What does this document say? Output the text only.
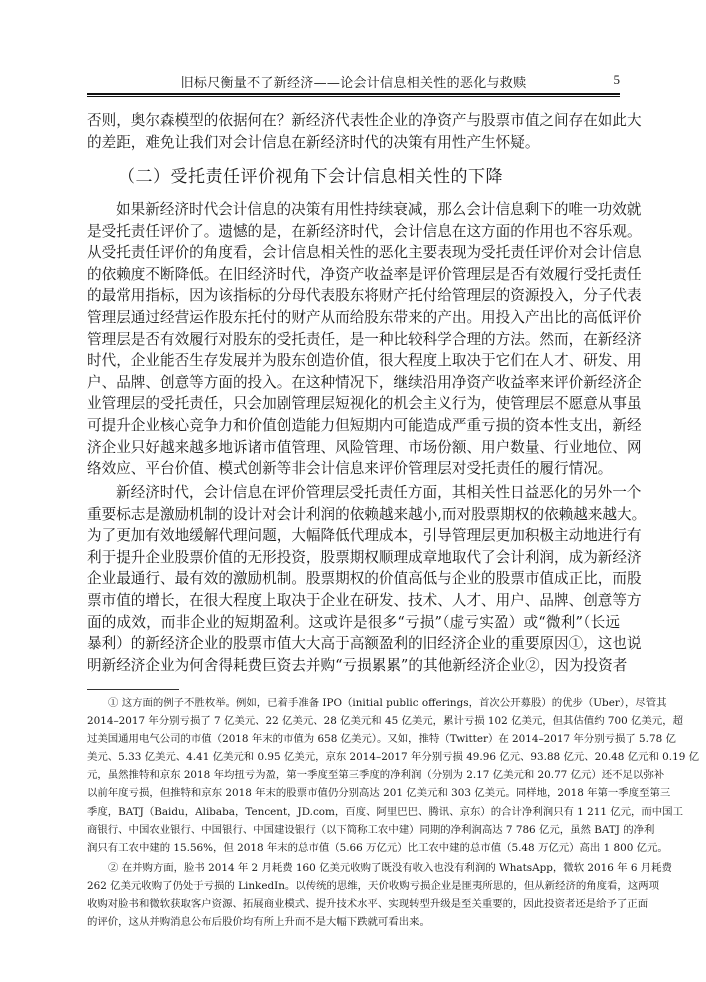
旧标尺衡量不了新经济——论会计信息相关性的恶化与救赎	5
否则，奥尔森模型的依据何在？新经济代表性企业的净资产与股票市值之间存在如此大
的差距，难免让我们对会计信息在新经济时代的决策有用性产生怀疑。
（二）受托责任评价视角下会计信息相关性的下降
如果新经济时代会计信息的决策有用性持续衰减，那么会计信息剩下的唯一功效就
是受托责任评价了。遗憾的是，在新经济时代，会计信息在这方面的作用也不容乐观。
从受托责任评价的角度看，会计信息相关性的恶化主要表现为受托责任评价对会计信息
的依赖度不断降低。在旧经济时代，净资产收益率是评价管理层是否有效履行受托责任
的最常用指标，因为该指标的分母代表股东将财产托付给管理层的资源投入，分子代表
管理层通过经营运作股东托付的财产从而给股东带来的产出。用投入产出比的高低评价
管理层是否有效履行对股东的受托责任，是一种比较科学合理的方法。然而，在新经济
时代，企业能否生存发展并为股东创造价值，很大程度上取决于它们在人才、研发、用
户、品牌、创意等方面的投入。在这种情况下，继续沿用净资产收益率来评价新经济企
业管理层的受托责任，只会加剧管理层短视化的机会主义行为，使管理层不愿意从事虽
可提升企业核心竞争力和价值创造能力但短期内可能造成严重亏损的资本性支出，新经
济企业只好越来越多地诉诸市值管理、风险管理、市场份额、用户数量、行业地位、网
络效应、平台价值、模式创新等非会计信息来评价管理层对受托责任的履行情况。
新经济时代，会计信息在评价管理层受托责任方面，其相关性日益恶化的另外一个
重要标志是激励机制的设计对会计利润的依赖越来越小,而对股票期权的依赖越来越大。
为了更加有效地缓解代理问题，大幅降低代理成本，引导管理层更加积极主动地进行有
利于提升企业股票价值的无形投资，股票期权顺理成章地取代了会计利润，成为新经济
企业最通行、最有效的激励机制。股票期权的价值高低与企业的股票市值成正比，而股
票市值的增长，在很大程度上取决于企业在研发、技术、人才、用户、品牌、创意等方
面的成效，而非企业的短期盈利。这或许是很多“亏损”（虚亏实盈）或“微利”（长远
暴利）的新经济企业的股票市值大大高于高额盈利的旧经济企业的重要原因①，这也说
明新经济企业为何舍得耗费巨资去并购“亏损累累”的其他新经济企业②，因为投资者
① 这方面的例子不胜枚举。例如，已着手准备 IPO（initial public offerings，首次公开募股）的优步（Uber），尽管其
2014–2017 年分别亏损了 7 亿美元、22 亿美元、28 亿美元和 45 亿美元，累计亏损 102 亿美元，但其估值约 700 亿美元，超
过美国通用电气公司的市值（2018 年末的市值为 658 亿美元）。又如，推特（Twitter）在 2014–2017 年分别亏损了 5.78 亿
美元、5.33 亿美元、4.41 亿美元和 0.95 亿美元，京东 2014–2017 年分别亏损 49.96 亿元、93.88 亿元、20.48 亿元和 0.19 亿
元，虽然推特和京东 2018 年均扭亏为盈，第一季度至第三季度的净利润（分别为 2.17 亿美元和 20.77 亿元）还不足以弥补
以前年度亏损，但推特和京东 2018 年末的股票市值仍分别高达 201 亿美元和 303 亿美元。同样地，2018 年第一季度至第三
季度，BATJ（Baidu，Alibaba，Tencent，JD.com，百度、阿里巴巴、腾讯、京东）的合计净利润只有 1 211 亿元，而中国工
商银行、中国农业银行、中国银行、中国建设银行（以下简称工农中建）同期的净利润高达 7 786 亿元，虽然 BATJ 的净利
润只有工农中建的 15.56%，但 2018 年末的总市值（5.66 万亿元）比工农中建的总市值（5.48 万亿元）高出 1 800 亿元。
② 在并购方面，脸书 2014 年 2 月耗费 160 亿美元收购了既没有收入也没有利润的 WhatsApp，微软 2016 年 6 月耗费
262 亿美元收购了仍处于亏损的 LinkedIn。以传统的思维，天价收购亏损企业是匪夷所思的，但从新经济的角度看，这两项
收购对脸书和微软获取客户资源、拓展商业模式、提升技术水平、实现转型升级是至关重要的，因此投资者还是给予了正面
的评价，这从并购消息公布后股价均有所上升而不是大幅下跌就可看出来。
